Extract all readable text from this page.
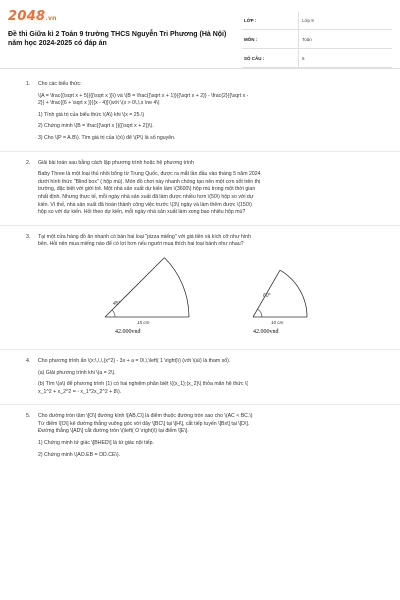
2048.vn
Đề thi Giữa kì 2 Toán 9 trường THCS Nguyễn Tri Phương (Hà Nội) năm học 2024-2025 có đáp án
LỚP :	Lớp 9
MÔN :	Toán
SỐ CÂU :	6
1. Cho các biểu thức:

\(A = \frac{{\sqrt x + 5}}{{\sqrt x }}\) và \(B = \frac{{\sqrt x + 1}}{{\sqrt x + 2}} - \frac{2}{{\sqrt x -

2}} + \frac{{6 + \sqrt x }}{{x - 4}}\)với \(x > 0\,\,x \ne 4\)

1) Tính giá trị của biểu thức \(A\) khi \(x = 25.\)

2) Chứng minh \(B = \frac{{\sqrt x }}{{\sqrt x + 2}}\).

3) Cho \(P = A.B\). Tìm giá trị của \(x\) để \(P\) là số nguyên.

2. Giải bài toán sau bằng cách lập phương trình hoặc hệ phương trình

Baby Three là một loại thú nhồi bông từ Trung Quốc, được ra mắt lần đầu vào tháng 5 năm 2024

dưới hình thức "Blind box" ( hộp mù). Món đồ chơi này nhanh chóng tạo nên một cơn sốt trên thị

trường, đặc biệt với giới trẻ. Một nhà sản xuất dự kiến làm \(3600\) hộp mù trong một thời gian

nhất định. Nhưng thực tế, mỗi ngày nhà sản xuất đã làm được nhiều hơn \(50\) hộp so với dự

kiến. Vì thế, nhà sản xuất đã hoàn thành công việc trước \(3\) ngày và làm thêm được \(150\)

hộp so với dự kiến. Hỏi theo dự kiến, mỗi ngày nhà sản xuất làm xong bao nhiêu hộp mù?

3. Tại một cửa hàng đồ ăn nhanh có bán hai loại "pizza miếng" với giá tiền và kích cỡ như hình

bên. Hỏi nên mua miếng nào để có lợi hơn nếu người mua thích hai loại bánh như nhau?

45°
15 cm
42.000vnđ
60°
10 cm
42.000vnđ
4. Cho phương trình ẩn \(x:\,\,\,{x^2} - 3x + a = 0\,\,\left( 1 \right)\) (với \(a\) là tham số).

(a) Giải phương trình khi \(a = 2\).

(b) Tìm \(a\) để phương trình (1) có hai nghiệm phân biệt \({x_1};{x_2}\) thỏa mãn hệ thức \(

x_1^2 + x_2^2 = - x_1^2x_2^2 + 8\).

5. Cho đường tròn tâm \[O\] đường kính \[AB,C\] là điểm thuộc đường tròn sao cho \(AC < BC.\)

Từ điểm \[O\] kẻ đường thẳng vuông góc với dây \[BC\] tại \[H\], cắt tiếp tuyến \[Bx\] tại \[D\].

Đường thẳng \[AD\] cắt đường tròn \(\left( O \right)\) tại điểm \[E\].

1) Chứng minh tứ giác \[BHED\] là tứ giác nội tiếp.

2) Chứng minh \(AO.EB = OD.CE\).
